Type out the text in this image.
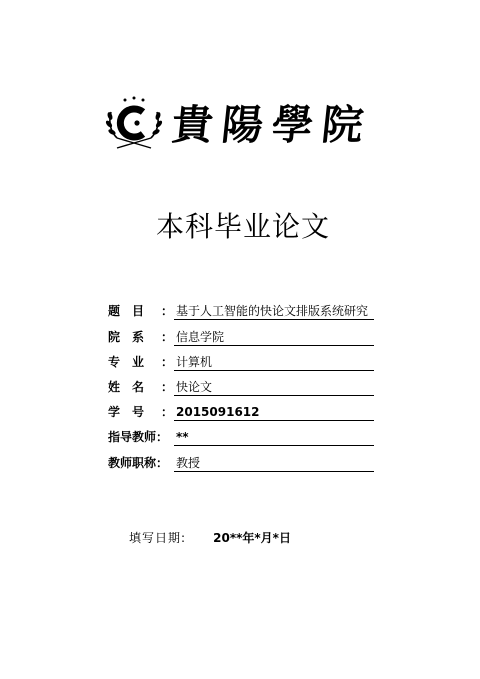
貴陽學院
本科毕业论文
题　目	： 基于人工智能的快论文排版系统研究
院　系	： 信息学院
专　业	： 计算机
姓　名	： 快论文
学　号	： 2015091612
指导教师： **
教师职称： 教授
填写日期: 20**年*月*日
